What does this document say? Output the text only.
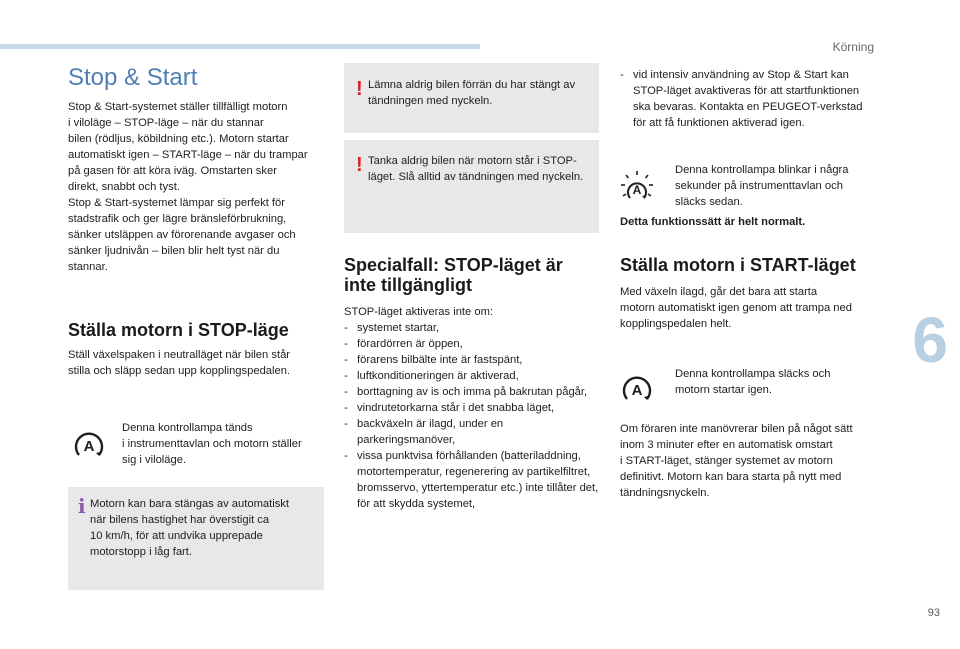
Körning
6
93
Stop & Start
Stop & Start-systemet ställer tillfälligt motorn
i viloläge – STOP-läge – när du stannar
bilen (rödljus, köbildning etc.). Motorn startar
automatiskt igen – START-läge – när du trampar
på gasen för att köra iväg. Omstarten sker
direkt, snabbt och tyst.
Stop & Start-systemet lämpar sig perfekt för
stadstrafik och ger lägre bränsleförbrukning,
sänker utsläppen av förorenande avgaser och
sänker ljudnivån – bilen blir helt tyst när du
stannar.
Ställa motorn i STOP-läge
Ställ växelspaken i neutralläget när bilen står
stilla och släpp sedan upp kopplingspedalen.
A
Denna kontrollampa tänds
i instrumenttavlan och motorn ställer
sig i viloläge.
i Motorn kan bara stängas av automatiskt
när bilens hastighet har överstigit ca
10 km/h, för att undvika upprepade
motorstopp i låg fart.
! Lämna aldrig bilen förrän du har stängt av
tändningen med nyckeln.
! Tanka aldrig bilen när motorn står i STOP-
läget. Slå alltid av tändningen med nyckeln.
Specialfall: STOP-läget är
inte tillgängligt
STOP-läget aktiveras inte om:
- systemet startar,
- förardörren är öppen,
- förarens bilbälte inte är fastspänt,
- luftkonditioneringen är aktiverad,
- borttagning av is och imma på bakrutan pågår,
- vindrutetorkarna står i det snabba läget,
- backväxeln är ilagd, under en parkeringsmanöver,
- vissa punktvisa förhållanden (batteriladdning, motortemperatur, regenerering av partikelfiltret, bromsservo, yttertemperatur etc.) inte tillåter det, för att skydda systemet,
- vid intensiv användning av Stop & Start kan STOP-läget avaktiveras för att startfunktionen ska bevaras. Kontakta en PEUGEOT-verkstad för att få funktionen aktiverad igen.
A
Denna kontrollampa blinkar i några
sekunder på instrumenttavlan och
släcks sedan.
Detta funktionssätt är helt normalt.
Ställa motorn i START-läget
Med växeln ilagd, går det bara att starta
motorn automatiskt igen genom att trampa ned
kopplingspedalen helt.
A
Denna kontrollampa släcks och
motorn startar igen.
Om föraren inte manövrerar bilen på något sätt
inom 3 minuter efter en automatisk omstart
i START-läget, stänger systemet av motorn
definitivt. Motorn kan bara starta på nytt med
tändningsnyckeln.
